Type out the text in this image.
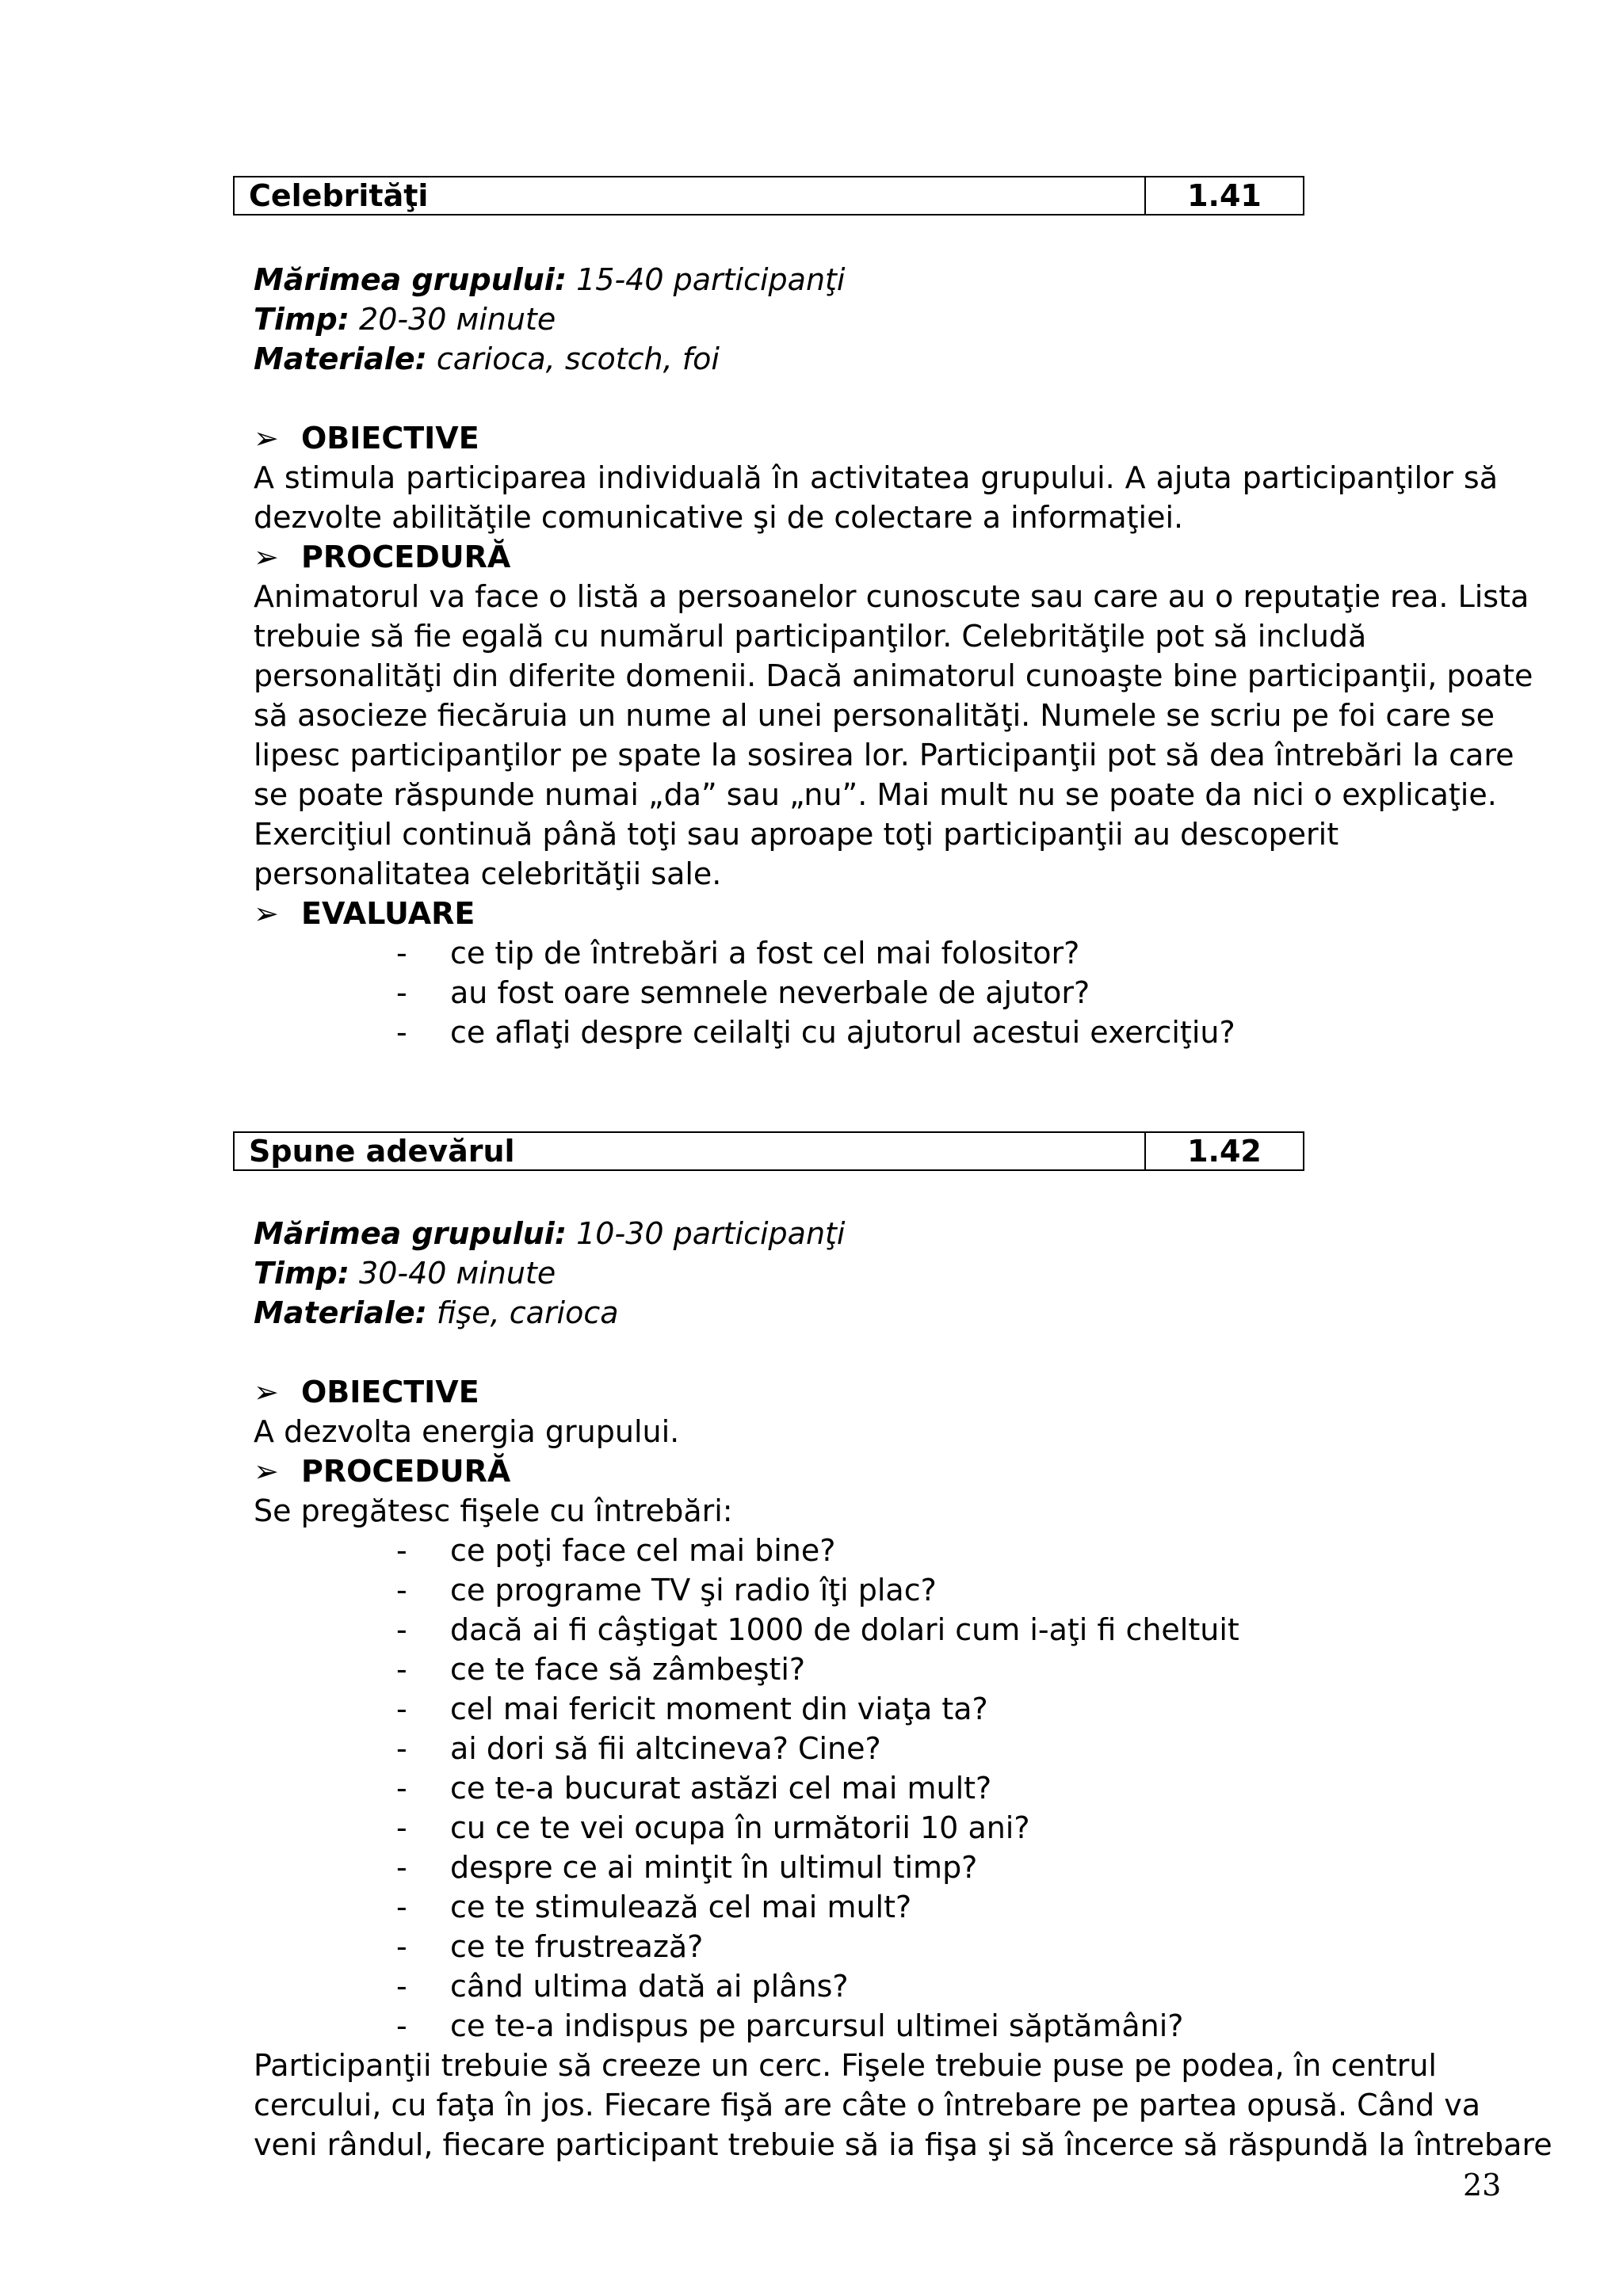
Celebrităţi	1.41
Mărimea grupului: 15-40 participanţi
Timp: 20-30 мinute
Materiale: carioca, scotch, foi
➢ OBIECTIVE
A stimula participarea individuală în activitatea grupului. A ajuta participanţilor să
dezvolte abilităţile comunicative şi de colectare a informaţiei.
➢ PROCEDURĂ
Animatorul va face o listă a persoanelor cunoscute sau care au o reputaţie rea. Lista
trebuie să fie egală cu numărul participanţilor. Celebrităţile pot să includă
personalităţi din diferite domenii. Dacă animatorul cunoaşte bine participanţii, poate
să asocieze fiecăruia un nume al unei personalităţi. Numele se scriu pe foi care se
lipesc participanţilor pe spate la sosirea lor. Participanţii pot să dea întrebări la care
se poate răspunde numai „da” sau „nu”. Mai mult nu se poate da nici o explicaţie.
Exerciţiul continuă până toţi sau aproape toţi participanţii au descoperit
personalitatea celebrităţii sale.
➢ EVALUARE
- ce tip de întrebări a fost cel mai folositor?
- au fost oare semnele neverbale de ajutor?
- ce aflaţi despre ceilalţi cu ajutorul acestui exerciţiu?
Spune adevărul	1.42
Mărimea grupului: 10-30 participanţi
Timp: 30-40 мinute
Materiale: fişe, carioca
➢ OBIECTIVE
A dezvolta energia grupului.
➢ PROCEDURĂ
Se pregătesc fişele cu întrebări:
- ce poţi face cel mai bine?
- ce programe TV şi radio îţi plac?
- dacă ai fi câştigat 1000 de dolari cum i-aţi fi cheltuit
- ce te face să zâmbeşti?
- cel mai fericit moment din viaţa ta?
- ai dori să fii altcineva? Cine?
- ce te-a bucurat astăzi cel mai mult?
- cu ce te vei ocupa în următorii 10 ani?
- despre ce ai minţit în ultimul timp?
- ce te stimulează cel mai mult?
- ce te frustrează?
- când ultima dată ai plâns?
- ce te-a indispus pe parcursul ultimei săptămâni?
Participanţii trebuie să creeze un cerc. Fişele trebuie puse pe podea, în centrul
cercului, cu faţa în jos. Fiecare fişă are câte o întrebare pe partea opusă. Când va
veni rândul, fiecare participant trebuie să ia fişa şi să încerce să răspundă la întrebare
23
